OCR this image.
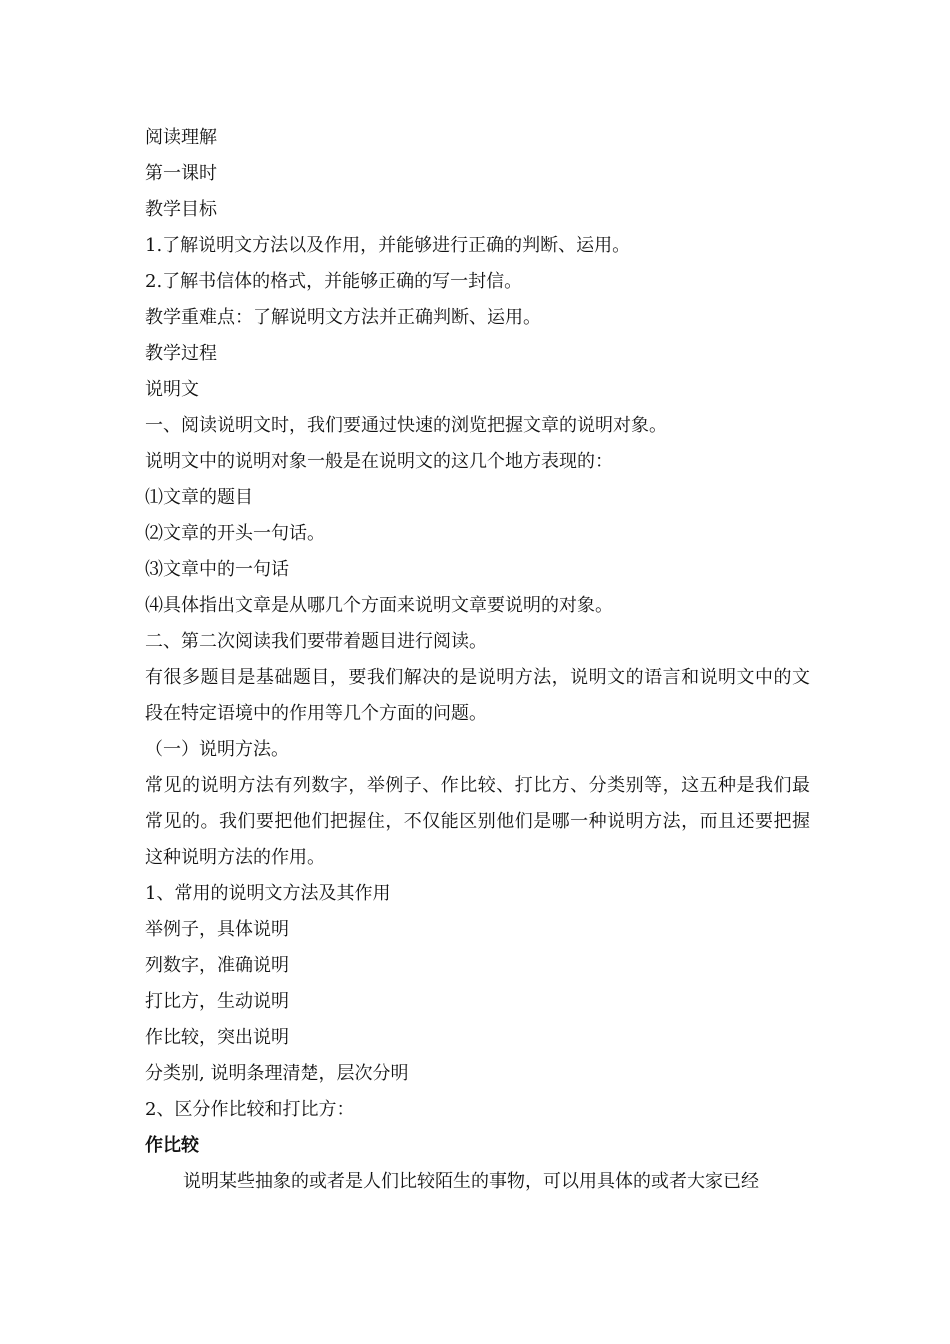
阅读理解
第一课时
教学目标
1.了解说明文方法以及作用，并能够进行正确的判断、运用。
2.了解书信体的格式，并能够正确的写一封信。
教学重难点：了解说明文方法并正确判断、运用。
教学过程
说明文
一、阅读说明文时，我们要通过快速的浏览把握文章的说明对象。
说明文中的说明对象一般是在说明文的这几个地方表现的：
⑴文章的题目
⑵文章的开头一句话。
⑶文章中的一句话
⑷具体指出文章是从哪几个方面来说明文章要说明的对象。
二、第二次阅读我们要带着题目进行阅读。
有很多题目是基础题目，要我们解决的是说明方法，说明文的语言和说明文中的文段在特定语境中的作用等几个方面的问题。
（一）说明方法。
常见的说明方法有列数字，举例子、作比较、打比方、分类别等，这五种是我们最常见的。我们要把他们把握住，不仅能区别他们是哪一种说明方法，而且还要把握这种说明方法的作用。
1、常用的说明文方法及其作用
举例子，具体说明
列数字，准确说明
打比方，生动说明
作比较，突出说明
分类别, 说明条理清楚，层次分明
2、区分作比较和打比方：
作比较
说明某些抽象的或者是人们比较陌生的事物，可以用具体的或者大家已经
